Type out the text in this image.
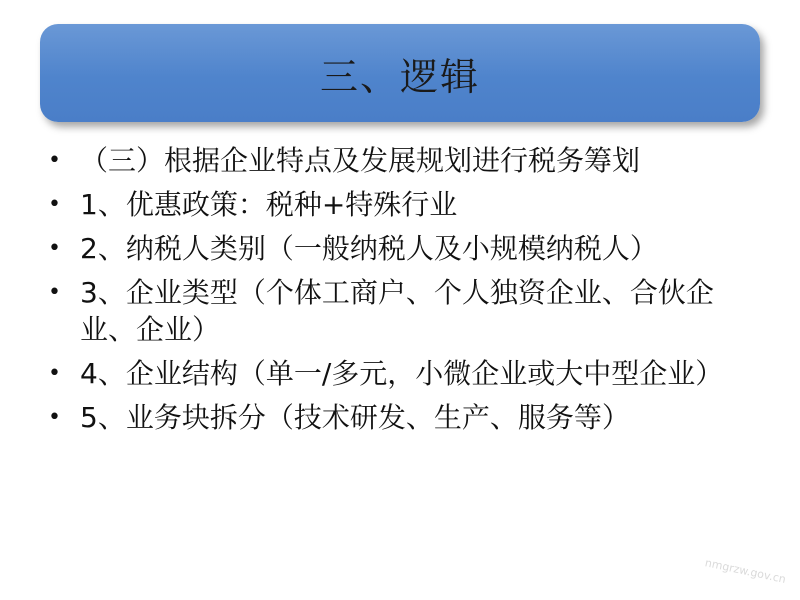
三、逻辑
• （三）根据企业特点及发展规划进行税务筹划
• 1、优惠政策：税种+特殊行业
• 2、纳税人类别（一般纳税人及小规模纳税人）
• 3、企业类型（个体工商户、个人独资企业、合伙企业、企业）
• 4、企业结构（单一/多元，小微企业或大中型企业）
• 5、业务块拆分（技术研发、生产、服务等）
nmgrzw.gov.cn
